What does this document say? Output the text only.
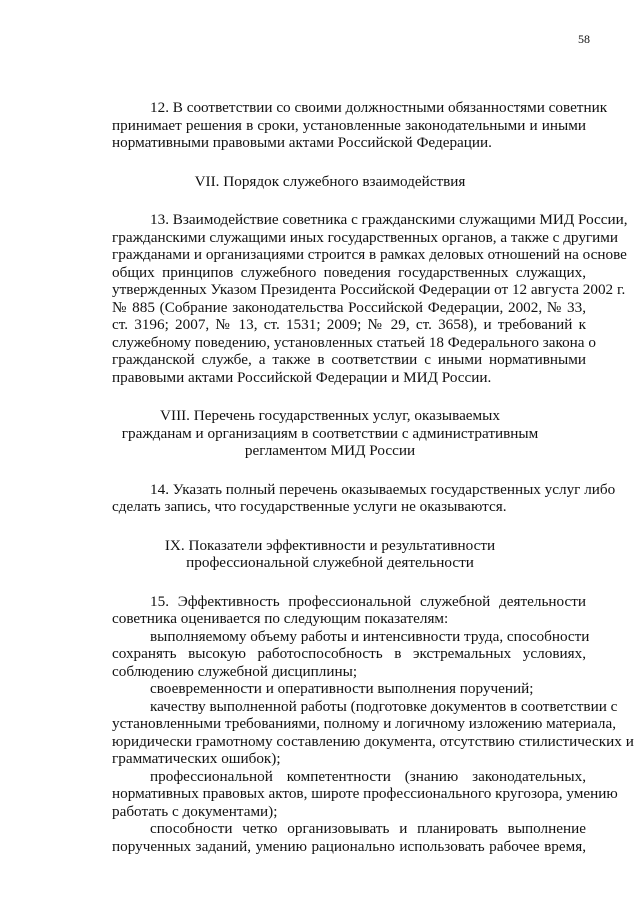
58
12. В соответствии со своими должностными обязанностями советник
принимает решения в сроки, установленные законодательными и иными
нормативными правовыми актами Российской Федерации.
VII. Порядок служебного взаимодействия
13. Взаимодействие советника с гражданскими служащими МИД России,
гражданскими служащими иных государственных органов, а также с другими
гражданами и организациями строится в рамках деловых отношений на основе
общих принципов служебного поведения государственных служащих,
утвержденных Указом Президента Российской Федерации от 12 августа 2002 г.
№ 885 (Собрание законодательства Российской Федерации, 2002, № 33,
ст. 3196; 2007, № 13, ст. 1531; 2009; № 29, ст. 3658), и требований к
служебному поведению, установленных статьей 18 Федерального закона о
гражданской службе, а также в соответствии с иными нормативными
правовыми актами Российской Федерации и МИД России.
VIII. Перечень государственных услуг, оказываемых
гражданам и организациям в соответствии с административным
регламентом МИД России
14. Указать полный перечень оказываемых государственных услуг либо
сделать запись, что государственные услуги не оказываются.
IX. Показатели эффективности и результативности
профессиональной служебной деятельности
15. Эффективность профессиональной служебной деятельности
советника оценивается по следующим показателям:
выполняемому объему работы и интенсивности труда, способности
сохранять высокую работоспособность в экстремальных условиях,
соблюдению служебной дисциплины;
своевременности и оперативности выполнения поручений;
качеству выполненной работы (подготовке документов в соответствии с
установленными требованиями, полному и логичному изложению материала,
юридически грамотному составлению документа, отсутствию стилистических и
грамматических ошибок);
профессиональной компетентности (знанию законодательных,
нормативных правовых актов, широте профессионального кругозора, умению
работать с документами);
способности четко организовывать и планировать выполнение
порученных заданий, умению рационально использовать рабочее время,
